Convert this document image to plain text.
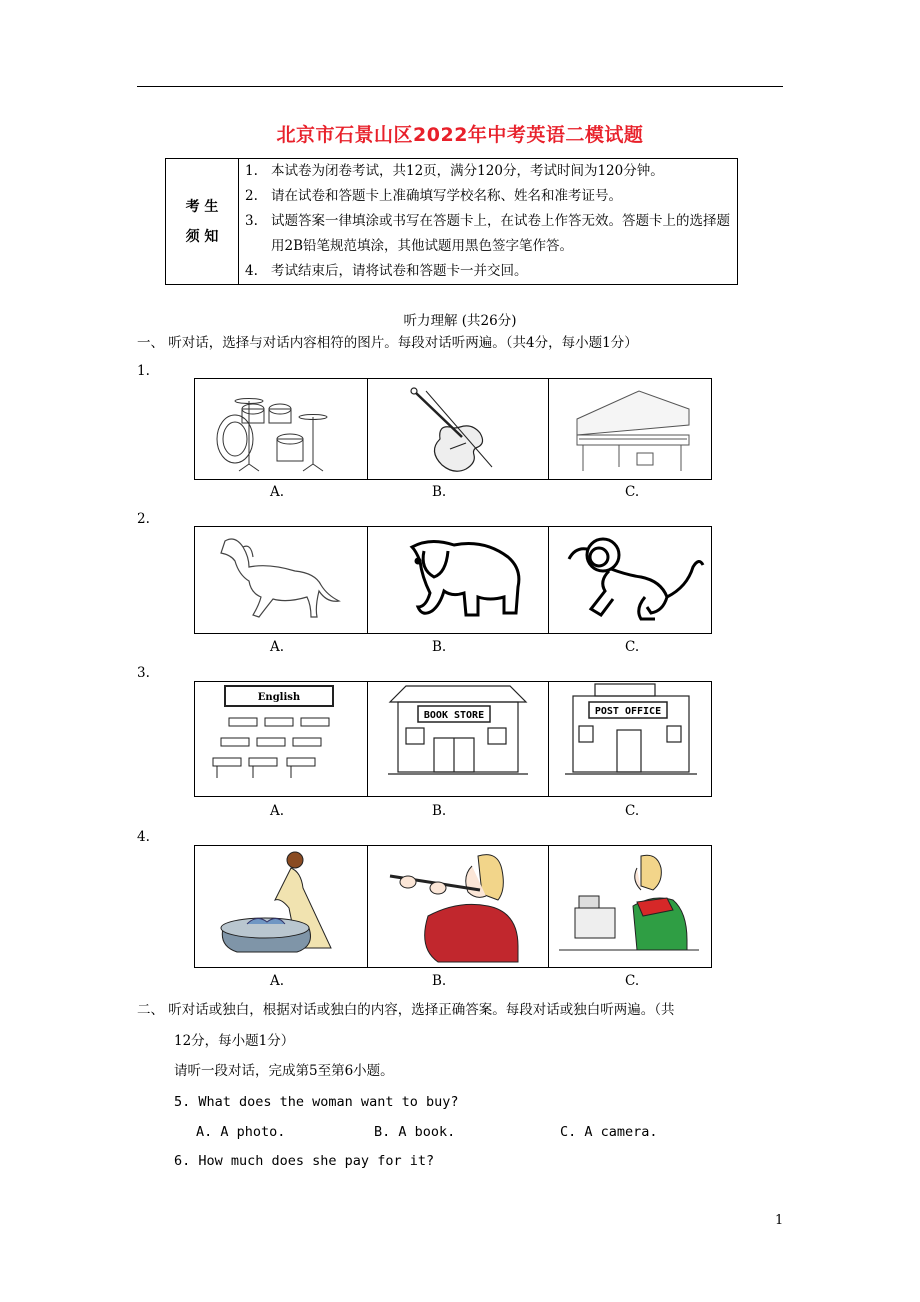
北京市石景山区2022年中考英语二模试题
考 生
须 知

1. 本试卷为闭卷考试，共12页，满分120分，考试时间为120分钟。
2. 请在试卷和答题卡上准确填写学校名称、姓名和准考证号。
3. 试题答案一律填涂或书写在答题卡上，在试卷上作答无效。答题卡上的选择题用2B铅笔规范填涂，其他试题用黑色签字笔作答。
4. 考试结束后，请将试卷和答题卡一并交回。
听力理解 (共26分)
一、 听对话，选择与对话内容相符的图片。每段对话听两遍。（共4分，每小题1分）
1.
A.	B.	C.
2.
A.	B.	C.
3.
English
BOOK STORE	POST OFFICE
A.	B.	C.
4.
A.	B.	C.
二、 听对话或独白，根据对话或独白的内容，选择正确答案。每段对话或独白听两遍。（共
12分，每小题1分）
请听一段对话，完成第5至第6小题。
5. What does the woman want to buy?
A. A photo.	B. A book.	C. A camera.
6. How much does she pay for it?
1
